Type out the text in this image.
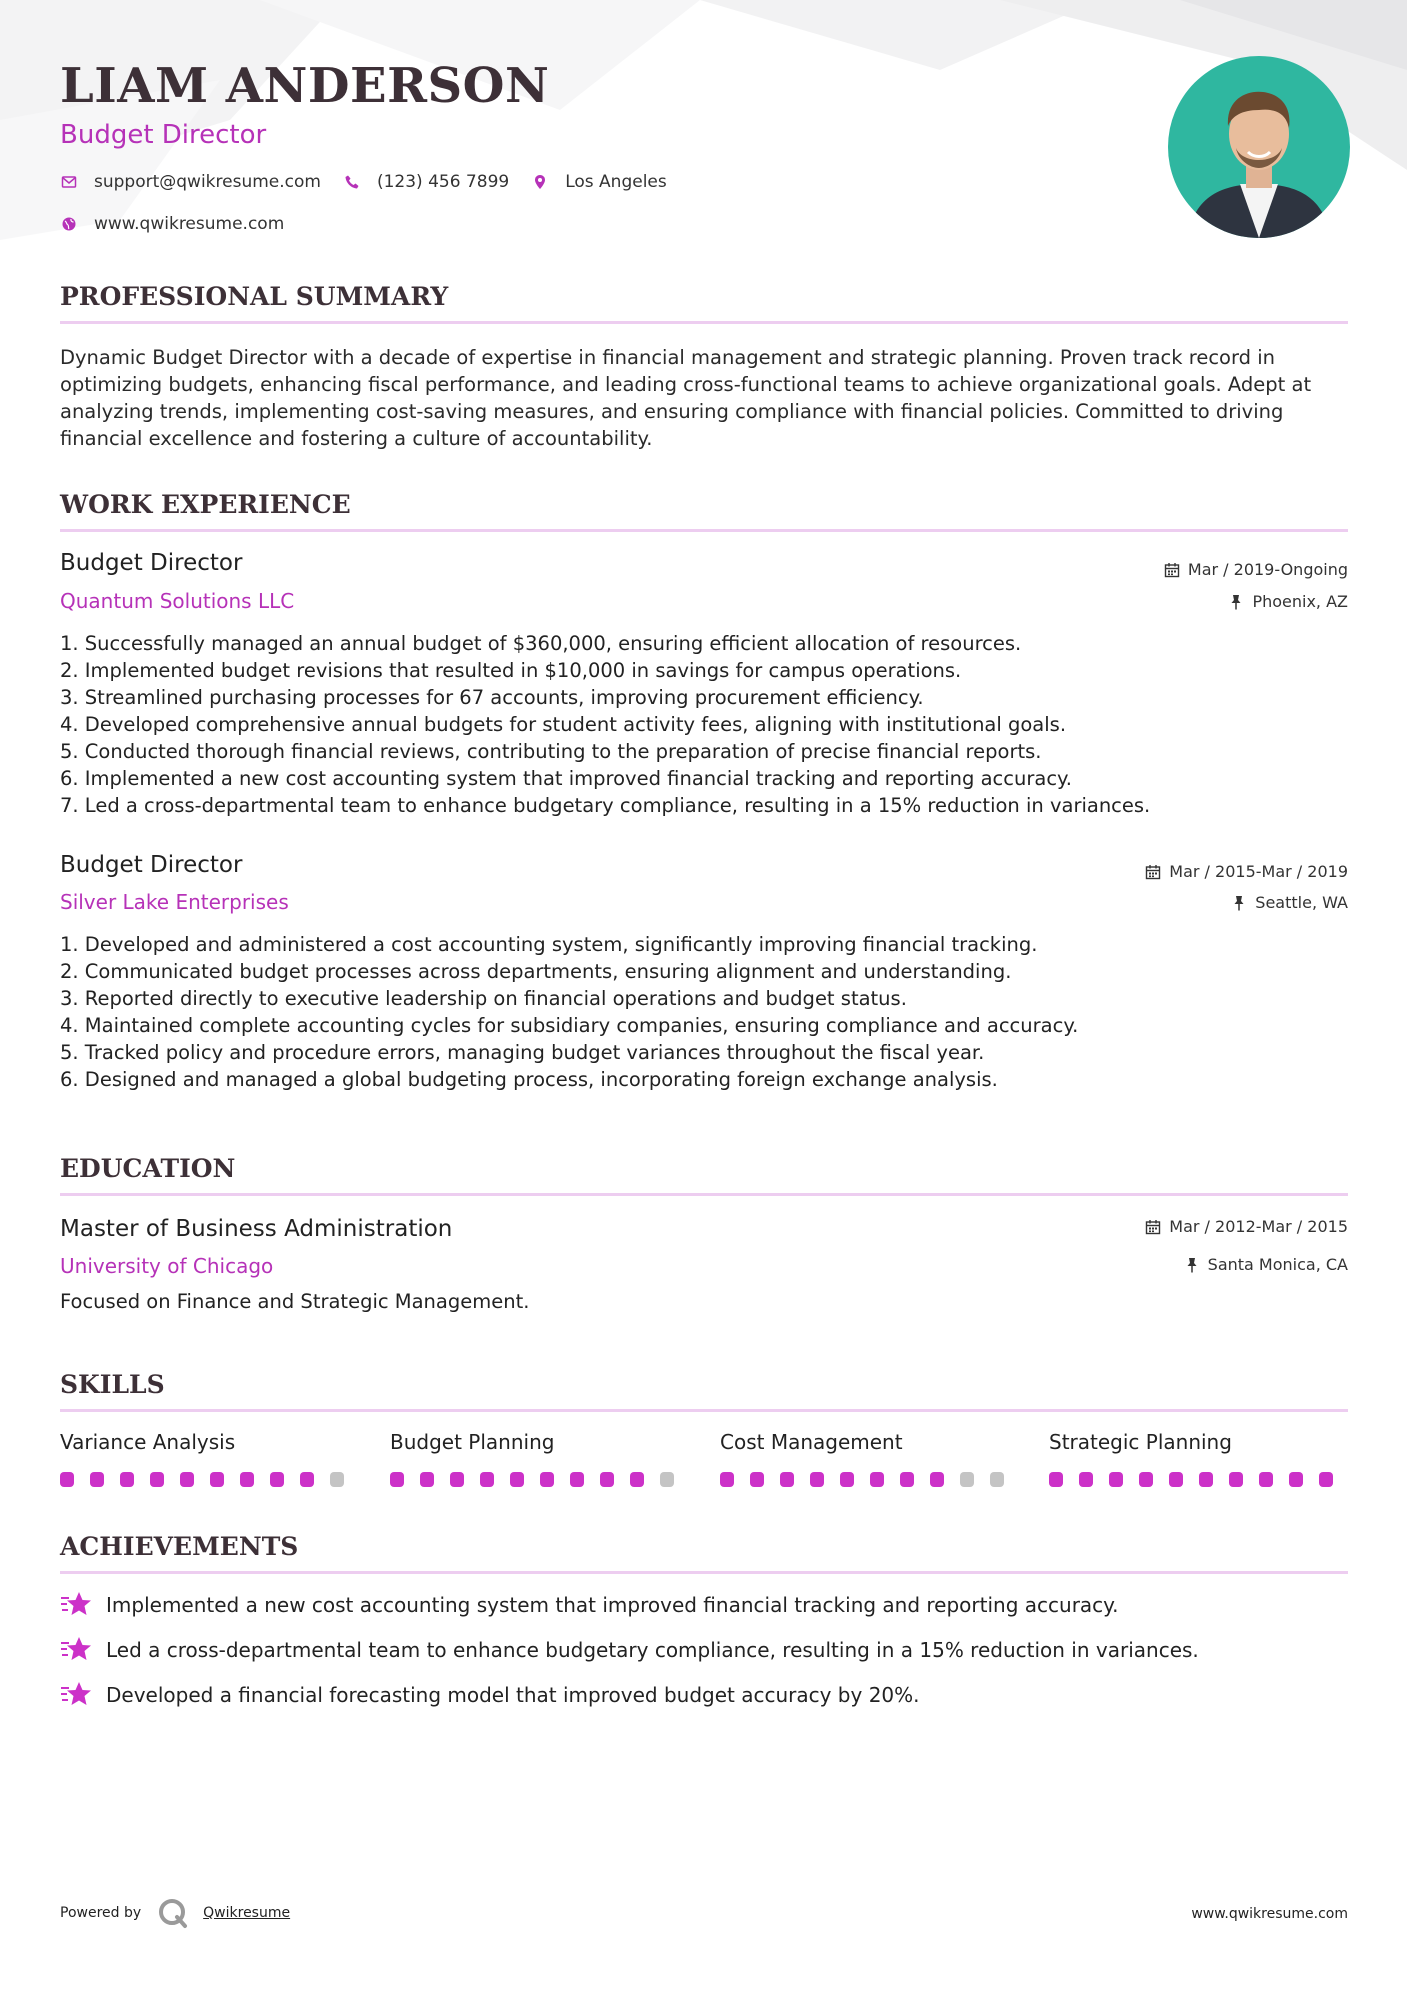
LIAM ANDERSON
Budget Director
support@qwikresume.com	(123) 456 7899	Los Angeles
www.qwikresume.com
PROFESSIONAL SUMMARY

Dynamic Budget Director with a decade of expertise in financial management and strategic planning. Proven track record in optimizing budgets, enhancing fiscal performance, and leading cross-functional teams to achieve organizational goals. Adept at analyzing trends, implementing cost-saving measures, and ensuring compliance with financial policies. Committed to driving financial excellence and fostering a culture of accountability.

WORK EXPERIENCE
Budget Director
Quantum Solutions LLC
Mar / 2019-Ongoing
Phoenix, AZ
1. Successfully managed an annual budget of $360,000, ensuring efficient allocation of resources.
2. Implemented budget revisions that resulted in $10,000 in savings for campus operations.
3. Streamlined purchasing processes for 67 accounts, improving procurement efficiency.
4. Developed comprehensive annual budgets for student activity fees, aligning with institutional goals.
5. Conducted thorough financial reviews, contributing to the preparation of precise financial reports.
6. Implemented a new cost accounting system that improved financial tracking and reporting accuracy.
7. Led a cross-departmental team to enhance budgetary compliance, resulting in a 15% reduction in variances.
Budget Director
Silver Lake Enterprises
Mar / 2015-Mar / 2019
Seattle, WA
1. Developed and administered a cost accounting system, significantly improving financial tracking.
2. Communicated budget processes across departments, ensuring alignment and understanding.
3. Reported directly to executive leadership on financial operations and budget status.
4. Maintained complete accounting cycles for subsidiary companies, ensuring compliance and accuracy.
5. Tracked policy and procedure errors, managing budget variances throughout the fiscal year.
6. Designed and managed a global budgeting process, incorporating foreign exchange analysis.
EDUCATION
Master of Business Administration
University of Chicago
Mar / 2012-Mar / 2015
Santa Monica, CA
Focused on Finance and Strategic Management.
SKILLS
Variance Analysis	Budget Planning	Cost Management	Strategic Planning
ACHIEVEMENTS
Implemented a new cost accounting system that improved financial tracking and reporting accuracy.
Led a cross-departmental team to enhance budgetary compliance, resulting in a 15% reduction in variances.
Developed a financial forecasting model that improved budget accuracy by 20%.
Powered by	Qwikresume	www.qwikresume.com
